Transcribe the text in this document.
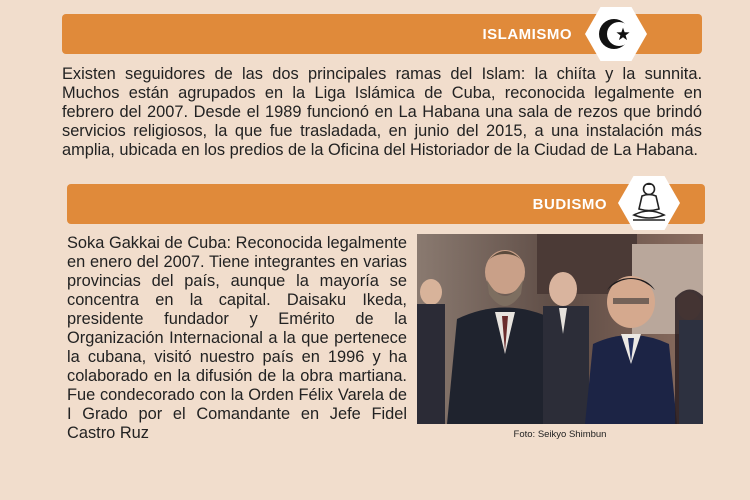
ISLAMISMO

Existen seguidores de las dos principales ramas del Islam: la chiíta y la sunnita. Muchos están agrupados en la Liga Islámica de Cuba, reconocida legalmente en febrero del 2007. Desde el 1989 funcionó en La Habana una sala de rezos que brindó servicios religiosos, la que fue trasladada, en junio del 2015, a una instalación más amplia, ubicada en los predios de la Oficina del Historiador de la Ciudad de La Habana.

BUDISMO

Soka Gakkai de Cuba: Reconocida legalmente en enero del 2007. Tiene integrantes en varias provincias del país, aunque la mayoría se concentra en la capital. Daisaku Ikeda, presidente fundador y Emérito de la Organización Internacional a la que pertenece la cubana, visitó nuestro país en 1996 y ha colaborado en la difusión de la obra martiana. Fue condecorado con la Orden Félix Varela de I Grado por el Comandante en Jefe Fidel Castro Ruz	Foto: Seikyo Shimbun
